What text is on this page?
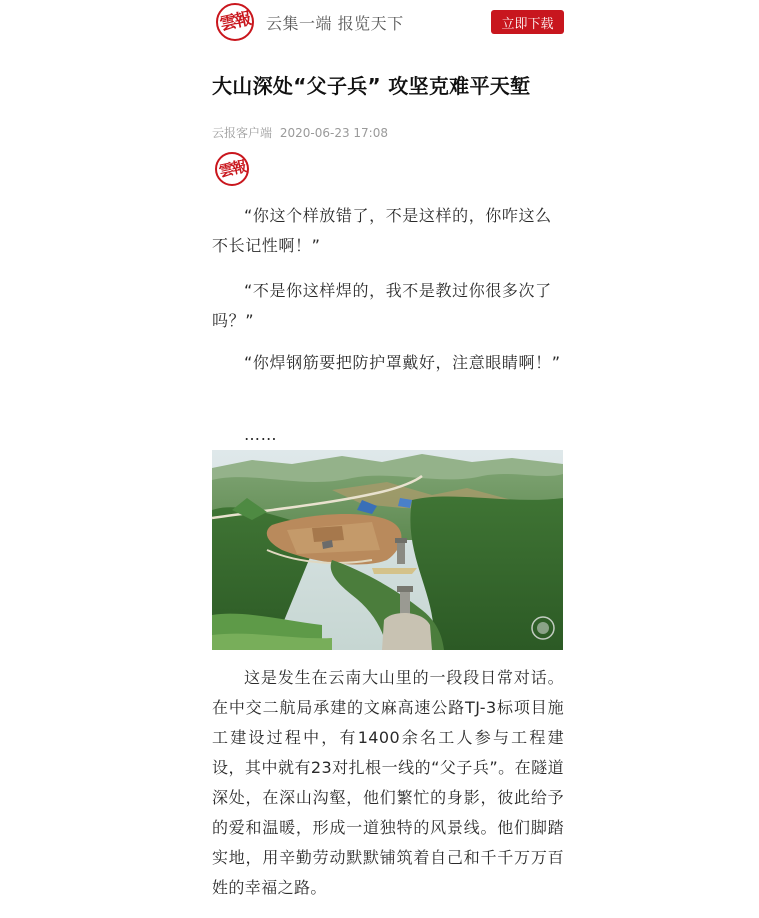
雲報 云集一端 报览天下	立即下载
大山深处“父子兵” 攻坚克难平天堑
云报客户端 2020-06-23 17:08
雲報

“你这个样放错了，不是这样的，你咋这么不长记性啊！”

“不是你这样焊的，我不是教过你很多次了吗？”

“你焊钢筋要把防护罩戴好，注意眼睛啊！”

……

这是发生在云南大山里的一段段日常对话。在中交二航局承建的文麻高速公路TJ-3标项目施工建设过程中，有1400余名工人参与工程建设，其中就有23对扎根一线的“父子兵”。在隧道深处，在深山沟壑，他们繁忙的身影，彼此给予的爱和温暖，形成一道独特的风景线。他们脚踏实地，用辛勤劳动默默铺筑着自己和千千万万百姓的幸福之路。
